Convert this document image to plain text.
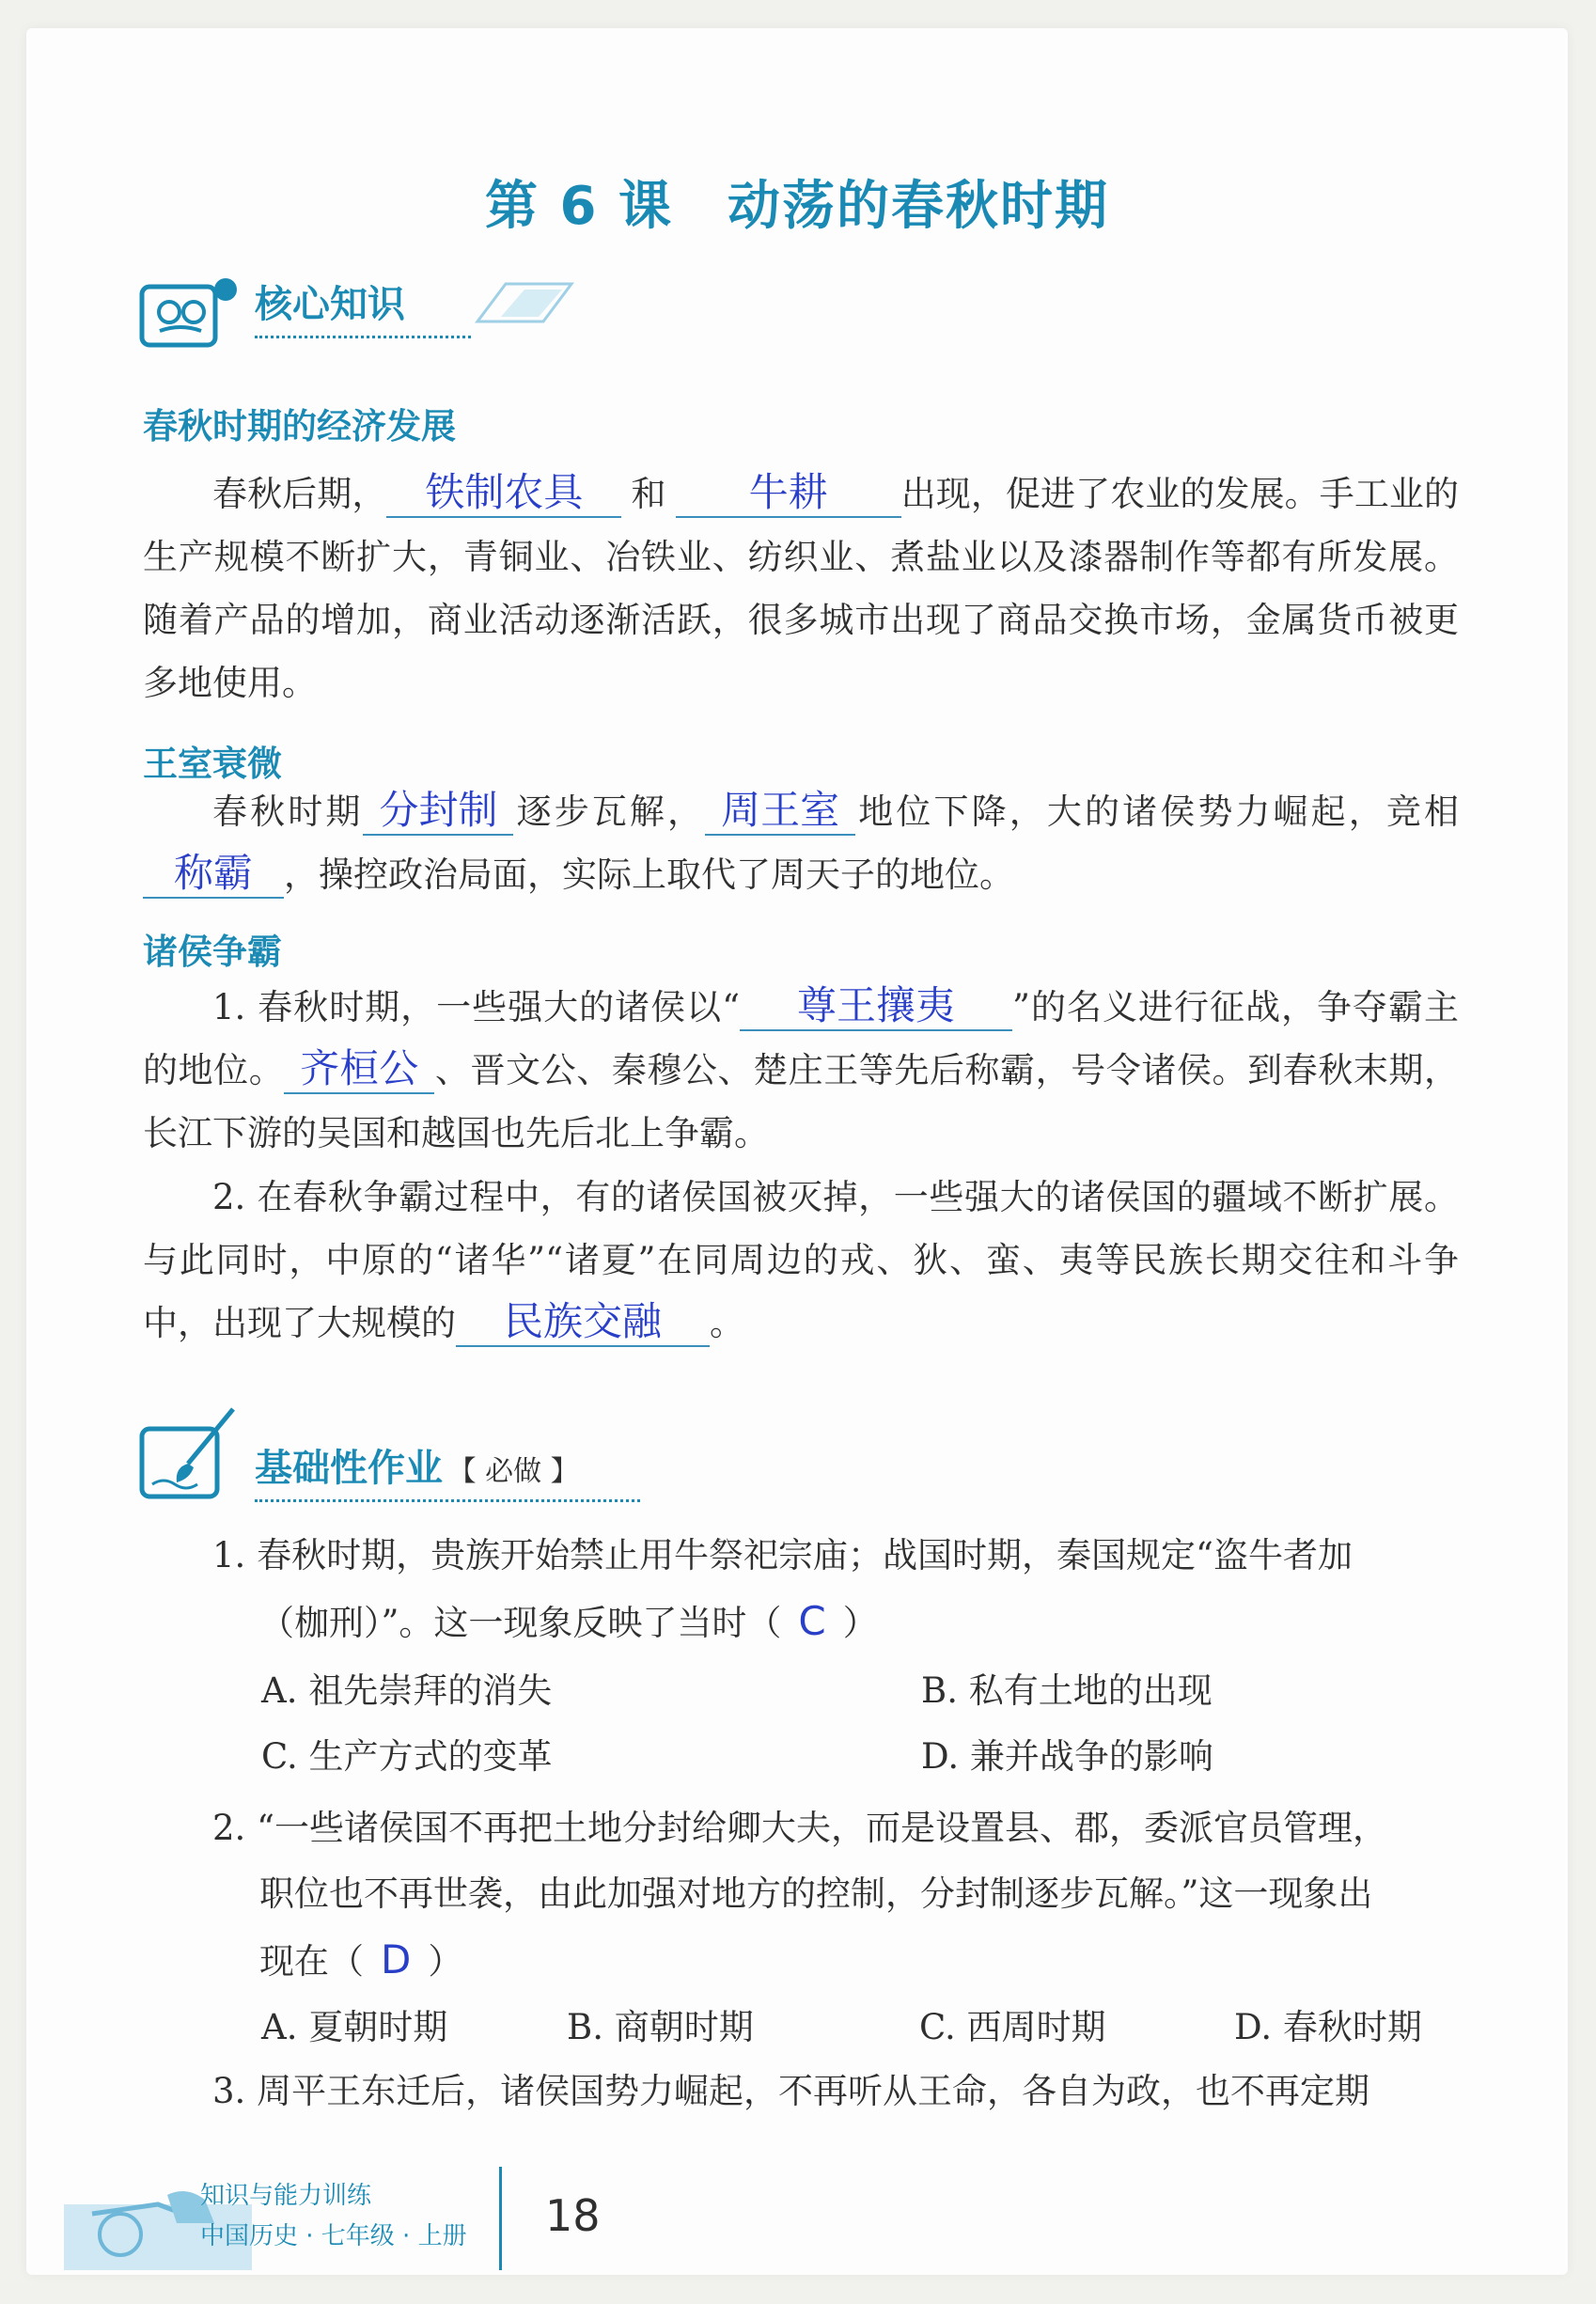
第 6 课　动荡的春秋时期
核心知识
春秋时期的经济发展
春秋后期， 铁制农具 和 牛耕 出现，促进了农业的发展。手工业的生产规模不断扩大，青铜业、冶铁业、纺织业、煮盐业以及漆器制作等都有所发展。随着产品的增加，商业活动逐渐活跃，很多城市出现了商品交换市场，金属货币被更多地使用。
王室衰微
春秋时期 分封制 逐步瓦解， 周王室 地位下降，大的诸侯势力崛起，竞相称霸 ，操控政治局面，实际上取代了周天子的地位。
诸侯争霸
1. 春秋时期，一些强大的诸侯以“ 尊王攘夷 ”的名义进行征战，争夺霸主的地位。 齐桓公 、晋文公、秦穆公、楚庄王等先后称霸，号令诸侯。到春秋末期，长江下游的吴国和越国也先后北上争霸。
2. 在春秋争霸过程中，有的诸侯国被灭掉，一些强大的诸侯国的疆域不断扩展。与此同时，中原的“诸华”“诸夏”在同周边的戎、狄、蛮、夷等民族长期交往和斗争中，出现了大规模的 民族交融 。
基础性作业 【 必做 】
1. 春秋时期，贵族开始禁止用牛祭祀宗庙；战国时期，秦国规定“盗牛者加
（枷刑）”。这一现象反映了当时（ C ）
A. 祖先崇拜的消失	B. 私有土地的出现
C. 生产方式的变革	D. 兼并战争的影响
2. “一些诸侯国不再把土地分封给卿大夫，而是设置县、郡，委派官员管理，
职位也不再世袭，由此加强对地方的控制，分封制逐步瓦解。”这一现象出
现在（ D ）
A. 夏朝时期	B. 商朝时期	C. 西周时期	D. 春秋时期
3. 周平王东迁后，诸侯国势力崛起，不再听从王命，各自为政，也不再定期
知识与能力训练
中国历史 · 七年级 · 上册 18
